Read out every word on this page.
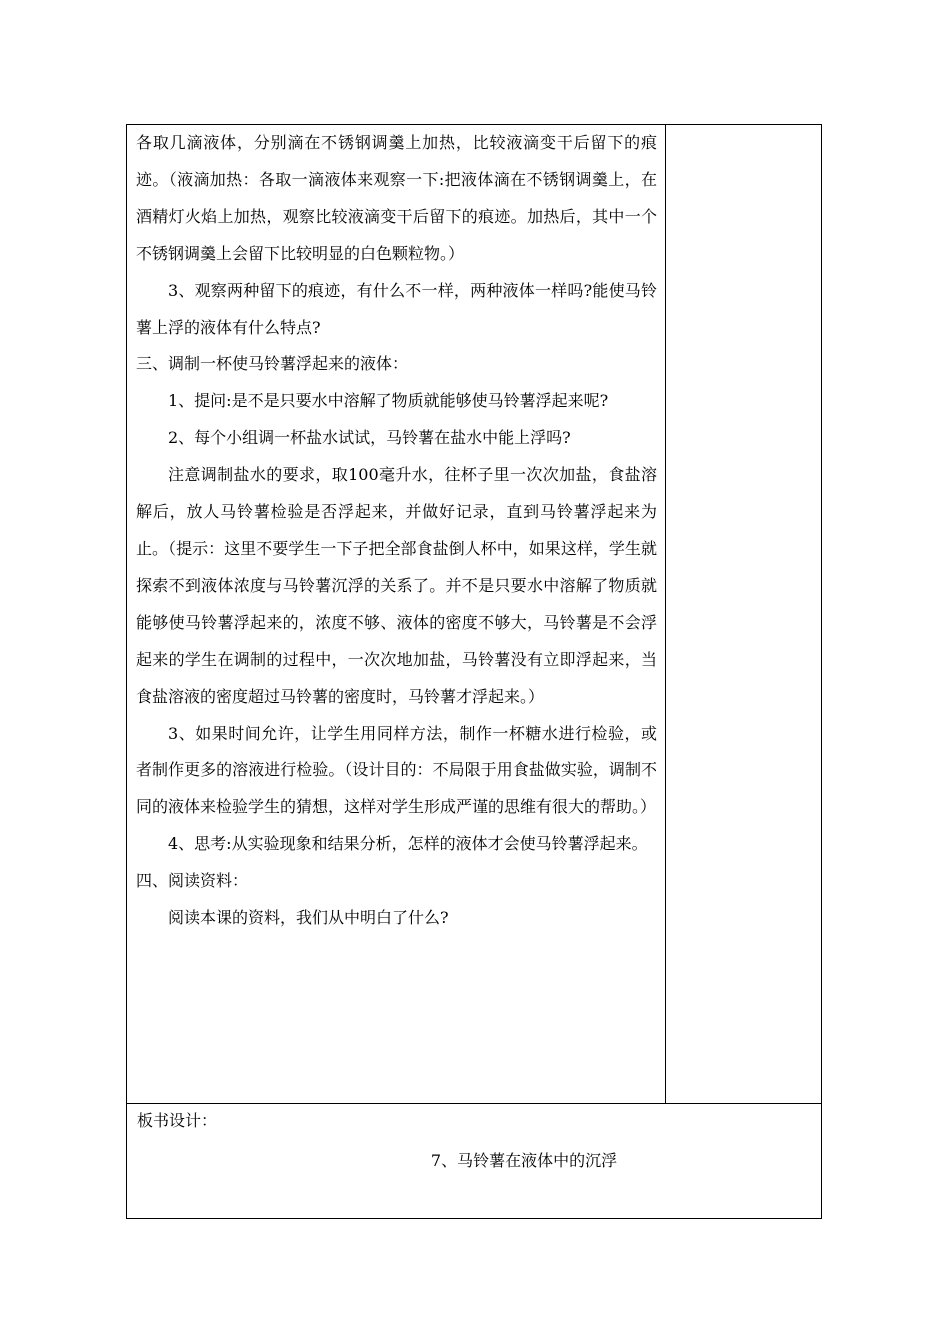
各取几滴液体，分别滴在不锈钢调羹上加热，比较液滴变干后留下的痕迹。（液滴加热：各取一滴液体来观察一下:把液体滴在不锈钢调羹上，在酒精灯火焰上加热，观察比较液滴变干后留下的痕迹。加热后，其中一个不锈钢调羹上会留下比较明显的白色颗粒物。）

3、观察两种留下的痕迹，有什么不一样，两种液体一样吗?能使马铃薯上浮的液体有什么特点?

三、调制一杯使马铃薯浮起来的液体：

1、提问:是不是只要水中溶解了物质就能够使马铃薯浮起来呢?

2、每个小组调一杯盐水试试，马铃薯在盐水中能上浮吗?

注意调制盐水的要求，取100毫升水，往杯子里一次次加盐，食盐溶解后，放人马铃薯检验是否浮起来，并做好记录，直到马铃薯浮起来为止。（提示：这里不要学生一下子把全部食盐倒人杯中，如果这样，学生就探索不到液体浓度与马铃薯沉浮的关系了。并不是只要水中溶解了物质就能够使马铃薯浮起来的，浓度不够、液体的密度不够大，马铃薯是不会浮起来的学生在调制的过程中，一次次地加盐，马铃薯没有立即浮起来，当食盐溶液的密度超过马铃薯的密度时，马铃薯才浮起来。）

3、如果时间允许，让学生用同样方法，制作一杯糖水进行检验，或者制作更多的溶液进行检验。（设计目的：不局限于用食盐做实验，调制不同的液体来检验学生的猜想，这样对学生形成严谨的思维有很大的帮助。）

4、思考:从实验现象和结果分析，怎样的液体才会使马铃薯浮起来。

四、阅读资料：

阅读本课的资料，我们从中明白了什么?

板书设计：
7、马铃薯在液体中的沉浮
